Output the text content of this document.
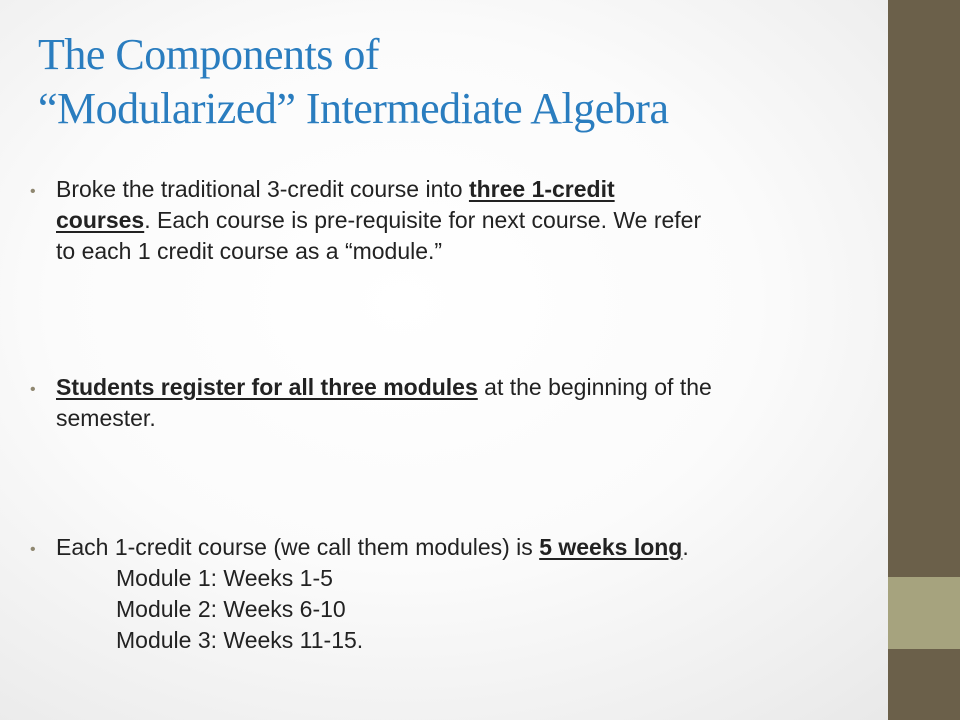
The Components of
“Modularized” Intermediate Algebra
• Broke the traditional 3-credit course into three 1-credit
courses. Each course is pre-requisite for next course. We refer
to each 1 credit course as a “module.”
• Students register for all three modules at the beginning of the
semester.
• Each 1-credit course (we call them modules) is 5 weeks long.
Module 1: Weeks 1-5
Module 2: Weeks 6-10
Module 3: Weeks 11-15.
